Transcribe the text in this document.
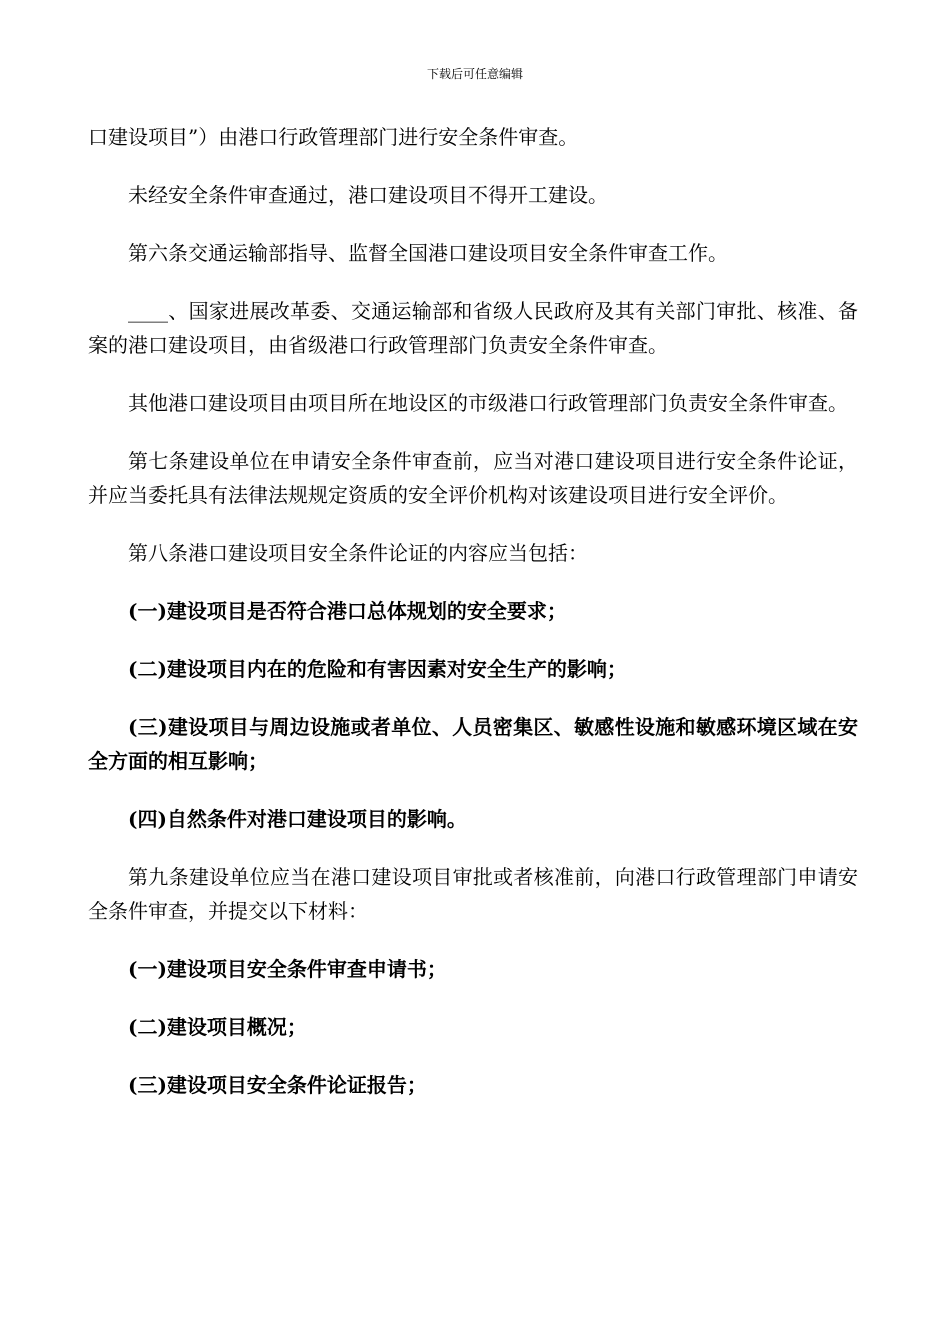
下载后可任意编辑

口建设项目”）由港口行政管理部门进行安全条件审查。

未经安全条件审查通过，港口建设项目不得开工建设。

第六条交通运输部指导、监督全国港口建设项目安全条件审查工作。

____、国家进展改革委、交通运输部和省级人民政府及其有关部门审批、核准、备案的港口建设项目，由省级港口行政管理部门负责安全条件审查。

其他港口建设项目由项目所在地设区的市级港口行政管理部门负责安全条件审查。

第七条建设单位在申请安全条件审查前，应当对港口建设项目进行安全条件论证，并应当委托具有法律法规规定资质的安全评价机构对该建设项目进行安全评价。

第八条港口建设项目安全条件论证的内容应当包括：

(一)建设项目是否符合港口总体规划的安全要求；

(二)建设项目内在的危险和有害因素对安全生产的影响；

(三)建设项目与周边设施或者单位、人员密集区、敏感性设施和敏感环境区域在安全方面的相互影响；

(四)自然条件对港口建设项目的影响。

第九条建设单位应当在港口建设项目审批或者核准前，向港口行政管理部门申请安全条件审查，并提交以下材料：

(一)建设项目安全条件审查申请书；

(二)建设项目概况；

(三)建设项目安全条件论证报告；
